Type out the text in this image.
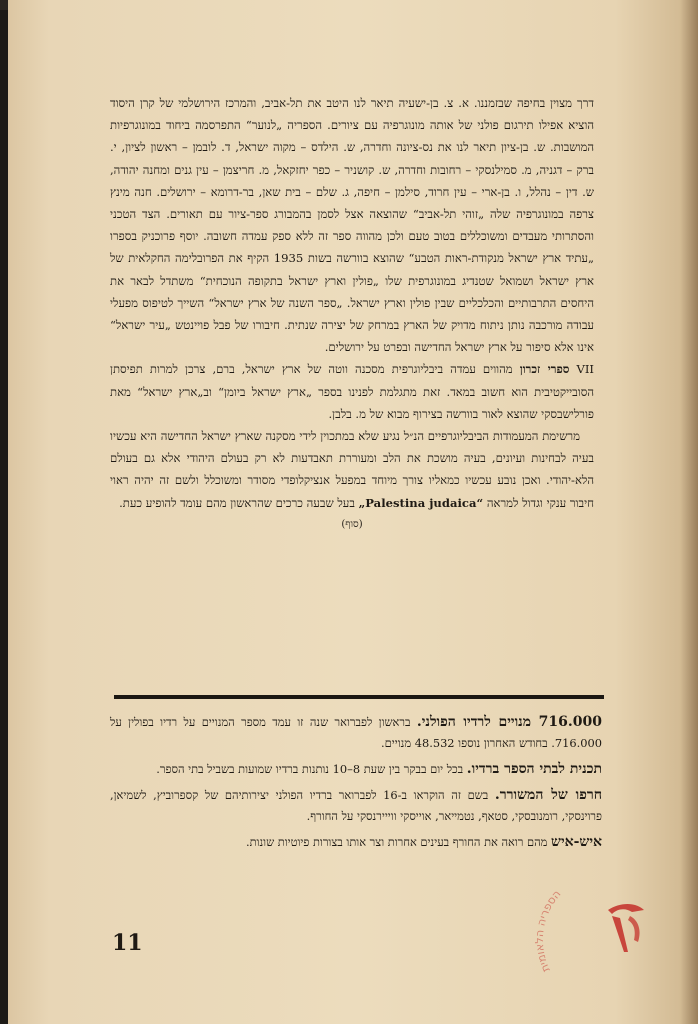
דרך מצוין בחיפה שבזמננו. א. צ. בן-ישעיה תיאר לנו היטב את תל-אביב, והמרכז הירושלמי של קרן היסוד הוציא אפילו תירגום פולני של אותה מונוגרפיה עם ציורים. הספריה „לנוער“ התפרסמה ביחוד במונוגרפיות המושבות. ש. בן-ציון תיאר לנו את נס-ציונה וחדרה, ש. הילדס – מקוה ישראל, ד. לובמן – ראשון לציון, י. ברק – דגניה, מ. סמילנסקי – רחובות וחדרה, ש. קושניר – כפר יחזקאל, מ. חריצמן – עין גנים ומחנה יהודה, ש. דין – נהלל, ו. בן-ארי – עין חרוד, סילמן – חיפה, ג. שלם – בית שאן, בר-דרומא – ירושלים. חנה מינץ צרפה במונוגרפיה שלה „זוהי תל-אביב“ שהוצאה אצל לסמן בהמבורג ספר-ציור עם תאורים. הצד הטכני והסתרותי מעבדים ומשוכללים בטוב טעם ולכן מהווה ספר זה ללא ספק עמדה חשובה. יוסף פרוכניק בספרו „עתיד ארץ ישראל מנקודת-ראות הטבע“ שהוצא בוורשה בשות 1935 הקיף את הפרובלימה החקלאית של ארץ ישראל ושמואל שטנדיג במונוגרפית שלו „פולין וארץ ישראל בתקופה הנוכחית“ משתדל לבאר את היחסים התרבותיים והכלכליים שבין פולין וארץ ישראל. „ספר השנה של ארץ ישראל“ השייך לטיפוס מפעלי עבודה מורכבה נותן ניתוח מדויק של הארץ במרחק של יצירה שנתית. חיבורו של פבל פויינטש „עיר ישראל“ אינו אלא סיפור על ארץ ישראל החדישה ובפרט על ירושלים.

VII ספרי זכרון מהווים עמדה ביבליוגרפית מסכנה ווטה של ארץ ישראל, ברם, צרכן למרות תפיסתן הסובייקטיבית הוא חשוב במאד. זאת מתגלמת לפנינו בספר „ארץ ישראל ביומן“ וב„ארץ ישראל“ מאת פורלישבסקי שהוצא לאור בוורשה בצירוף מבוא של מ. בלבן.

מרשימת המעמודות הביבליוגרפיים הנ״ל נגיע שלא במתכוין לידי מסקנה שארץ ישראל החדישה היא עכשיו בעיה לבחינות ועיונים, בעיה מושכת את הלב ומעוררת תאבדעות לא רק בעולם היהודי אלא גם בעולם הלא-יהודי. ואכן נובע עכשיו כמאליו צורך מיוחד במפעל אנציקלופדי מסודר ומשוכלל ולשם זה יהיה ראוי חיבור ענקי וגדול למראה „Palestina judaica“ בעל שבעה כרכים שהראשון מהם עומד להופיע כעת.

(סוף)

716.000 מנויים לרדיו הפולני. בראשון לפברואר שנה זו עמד מספר המנויים על רדיו בפולין על 716.000. בחודש האחרון נוספו 48.532 מנויים.

תכנית לבתי הספר ברדיו. בכל יום בבקר בין שעת 8–10 נותנות ברדיו שמועות בשביל בתי הספר.

חרפו של המשורר. בשם זה הוקראו ב-16 לפברואר ברדיו הפולני יצירותיהם של קספרוביץ, לשמיאן, פרוינסקי, רומנובסקי, סטאף, נטמייאר, אוייסקי ווייירנסקי על החורף.

איש-איש מהם רואה את החורף בעינים אחרות וצר אותו בצורות פיוטיות שונות.

11
הספריה הלאומית
